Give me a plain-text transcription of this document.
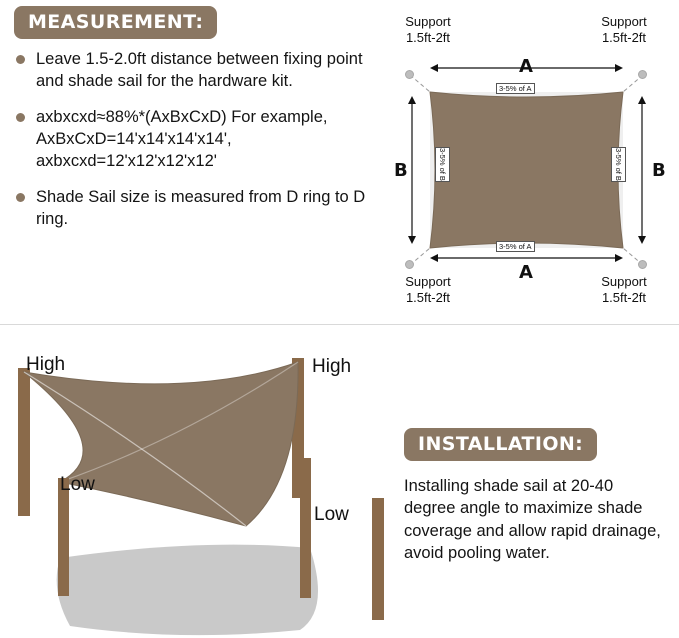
MEASUREMENT:
Leave 1.5-2.0ft distance between fixing point and shade sail for the hardware kit.
axbxcxd≈88%*(AxBxCxD) For example, AxBxCxD=14'x14'x14'x14', axbxcxd=12'x12'x12'x12'
Shade Sail size is measured from D ring to D ring.
Support
1.5ft-2ft
Support
1.5ft-2ft
Support
1.5ft-2ft
Support
1.5ft-2ft
A
3-5% of A
A
3-5% of A
B	3-5% of B	B
3-5% of B
High	High
Low
Low
INSTALLATION:
Installing shade sail at 20-40 degree angle to maximize shade coverage and allow rapid drainage, avoid pooling water.
